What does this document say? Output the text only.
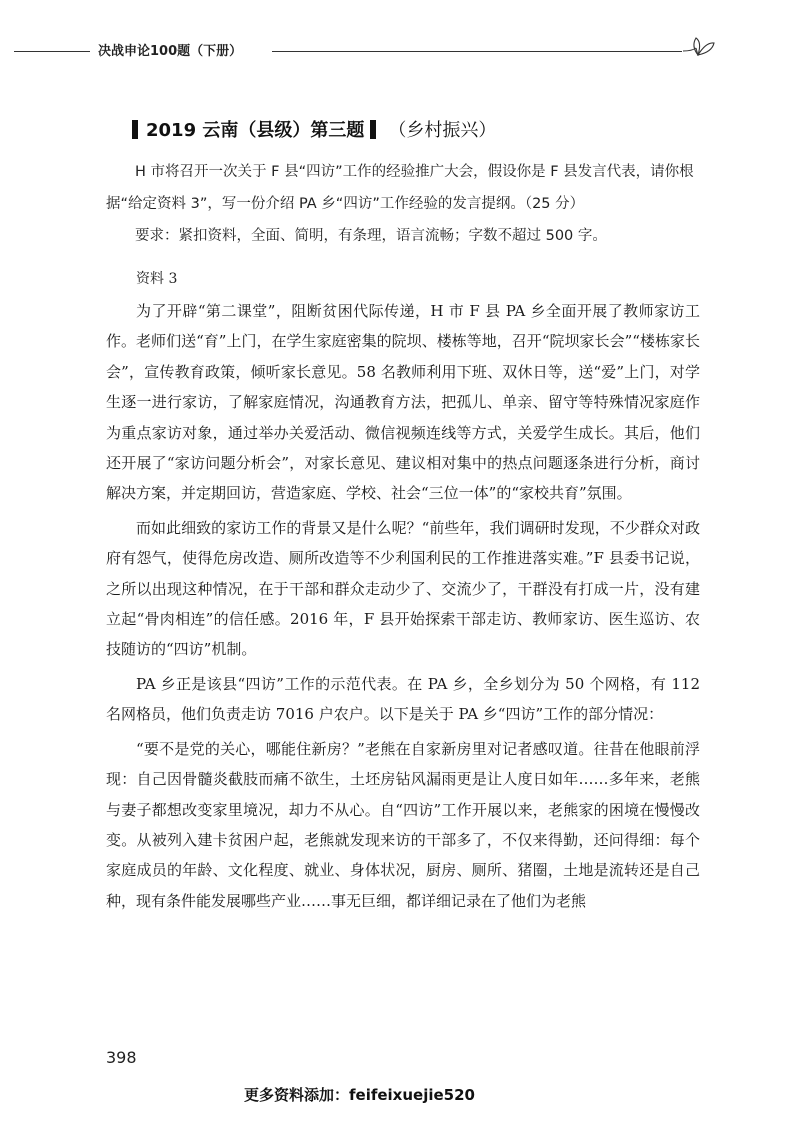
决战申论100题（下册）
2019 云南（县级）第三题 （乡村振兴）

H 市将召开一次关于 F 县“四访”工作的经验推广大会，假设你是 F 县发言代表，请你根据“给定资料 3”，写一份介绍 PA 乡“四访”工作经验的发言提纲。（25 分）

要求：紧扣资料，全面、简明，有条理，语言流畅；字数不超过 500 字。

资料 3

为了开辟“第二课堂”，阻断贫困代际传递，H 市 F 县 PA 乡全面开展了教师家访工作。老师们送“育”上门，在学生家庭密集的院坝、楼栋等地，召开“院坝家长会”“楼栋家长会”，宣传教育政策，倾听家长意见。58 名教师利用下班、双休日等，送“爱”上门，对学生逐一进行家访，了解家庭情况，沟通教育方法，把孤儿、单亲、留守等特殊情况家庭作为重点家访对象，通过举办关爱活动、微信视频连线等方式，关爱学生成长。其后，他们还开展了“家访问题分析会”，对家长意见、建议相对集中的热点问题逐条进行分析，商讨解决方案，并定期回访，营造家庭、学校、社会“三位一体”的“家校共育”氛围。

而如此细致的家访工作的背景又是什么呢？“前些年，我们调研时发现，不少群众对政府有怨气，使得危房改造、厕所改造等不少利国利民的工作推进落实难。”F 县委书记说，之所以出现这种情况，在于干部和群众走动少了、交流少了，干群没有打成一片，没有建立起“骨肉相连”的信任感。2016 年，F 县开始探索干部走访、教师家访、医生巡访、农技随访的“四访”机制。

PA 乡正是该县“四访”工作的示范代表。在 PA 乡，全乡划分为 50 个网格，有 112 名网格员，他们负责走访 7016 户农户。以下是关于 PA 乡“四访”工作的部分情况：

“要不是党的关心，哪能住新房？”老熊在自家新房里对记者感叹道。往昔在他眼前浮现：自己因骨髓炎截肢而痛不欲生，土坯房钻风漏雨更是让人度日如年……多年来，老熊与妻子都想改变家里境况，却力不从心。自“四访”工作开展以来，老熊家的困境在慢慢改变。从被列入建卡贫困户起，老熊就发现来访的干部多了，不仅来得勤，还问得细：每个家庭成员的年龄、文化程度、就业、身体状况，厨房、厕所、猪圈，土地是流转还是自己种，现有条件能发展哪些产业……事无巨细，都详细记录在了他们为老熊

398
更多资料添加：feifeixuejie520
